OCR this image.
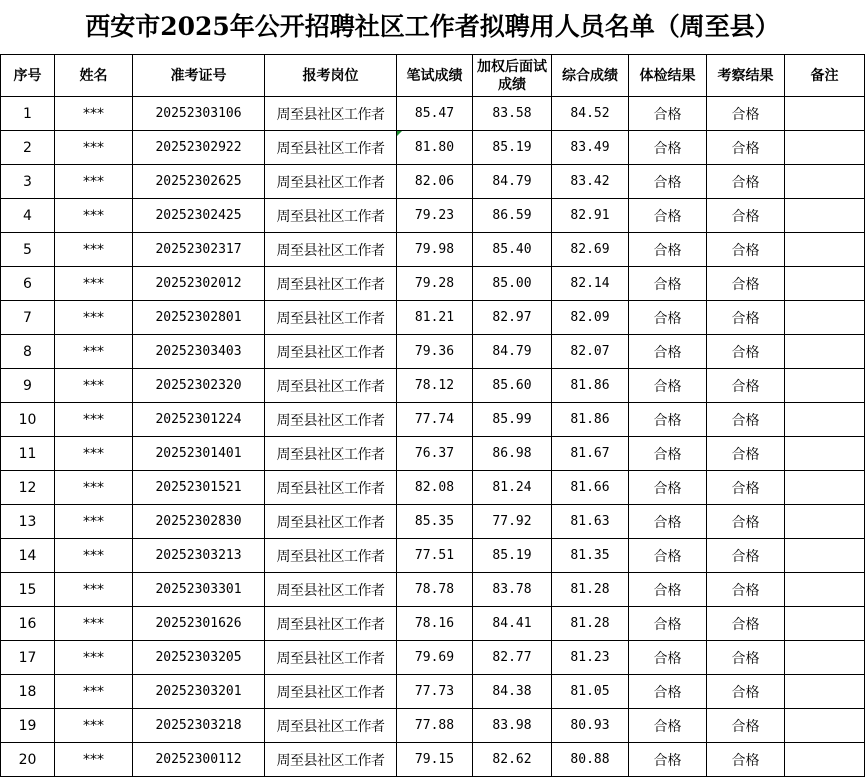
西安市2025年公开招聘社区工作者拟聘用人员名单（周至县）
序号	姓名	准考证号	报考岗位	笔试成绩	加权后面试成绩	综合成绩	体检结果	考察结果	备注
1	***	20252303106	周至县社区工作者	85.47	83.58	84.52	合格	合格	
2	***	20252302922	周至县社区工作者	81.80	85.19	83.49	合格	合格	
3	***	20252302625	周至县社区工作者	82.06	84.79	83.42	合格	合格	
4	***	20252302425	周至县社区工作者	79.23	86.59	82.91	合格	合格	
5	***	20252302317	周至县社区工作者	79.98	85.40	82.69	合格	合格	
6	***	20252302012	周至县社区工作者	79.28	85.00	82.14	合格	合格	
7	***	20252302801	周至县社区工作者	81.21	82.97	82.09	合格	合格	
8	***	20252303403	周至县社区工作者	79.36	84.79	82.07	合格	合格	
9	***	20252302320	周至县社区工作者	78.12	85.60	81.86	合格	合格	
10	***	20252301224	周至县社区工作者	77.74	85.99	81.86	合格	合格	
11	***	20252301401	周至县社区工作者	76.37	86.98	81.67	合格	合格	
12	***	20252301521	周至县社区工作者	82.08	81.24	81.66	合格	合格	
13	***	20252302830	周至县社区工作者	85.35	77.92	81.63	合格	合格	
14	***	20252303213	周至县社区工作者	77.51	85.19	81.35	合格	合格	
15	***	20252303301	周至县社区工作者	78.78	83.78	81.28	合格	合格	
16	***	20252301626	周至县社区工作者	78.16	84.41	81.28	合格	合格	
17	***	20252303205	周至县社区工作者	79.69	82.77	81.23	合格	合格	
18	***	20252303201	周至县社区工作者	77.73	84.38	81.05	合格	合格	
19	***	20252303218	周至县社区工作者	77.88	83.98	80.93	合格	合格	
20	***	20252300112	周至县社区工作者	79.15	82.62	80.88	合格	合格	
